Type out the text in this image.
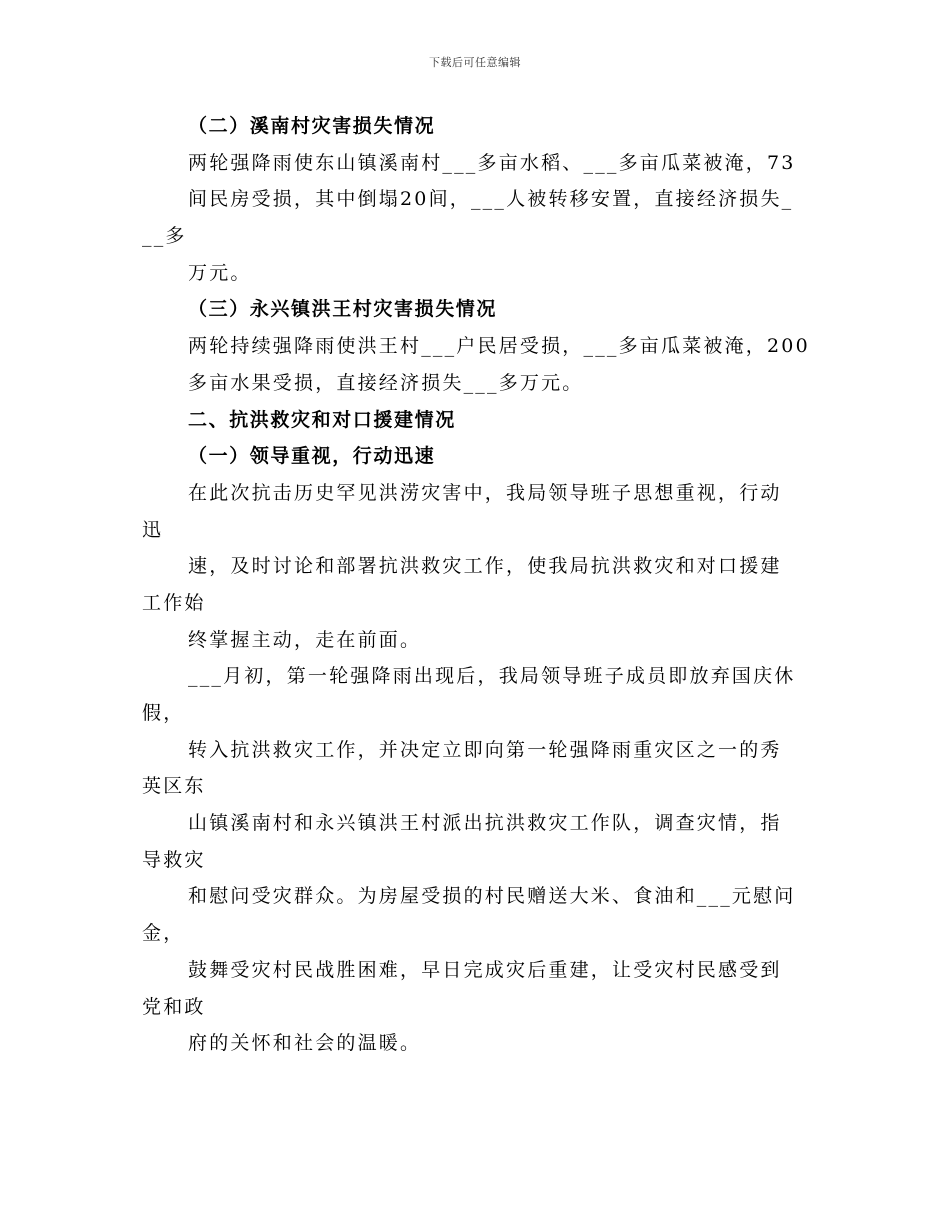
下载后可任意编辑
（二）溪南村灾害损失情况
两轮强降雨使东山镇溪南村___多亩水稻、___多亩瓜菜被淹，73
间民房受损，其中倒塌20间，___人被转移安置，直接经济损失_
__多
万元。
（三）永兴镇洪王村灾害损失情况
两轮持续强降雨使洪王村___户民居受损，___多亩瓜菜被淹，200
多亩水果受损，直接经济损失___多万元。
二、抗洪救灾和对口援建情况
（一）领导重视，行动迅速
在此次抗击历史罕见洪涝灾害中，我局领导班子思想重视，行动
迅
速，及时讨论和部署抗洪救灾工作，使我局抗洪救灾和对口援建
工作始
终掌握主动，走在前面。
___月初，第一轮强降雨出现后，我局领导班子成员即放弃国庆休
假，
转入抗洪救灾工作，并决定立即向第一轮强降雨重灾区之一的秀
英区东
山镇溪南村和永兴镇洪王村派出抗洪救灾工作队，调查灾情，指
导救灾
和慰问受灾群众。为房屋受损的村民赠送大米、食油和___元慰问
金，
鼓舞受灾村民战胜困难，早日完成灾后重建，让受灾村民感受到
党和政
府的关怀和社会的温暖。
